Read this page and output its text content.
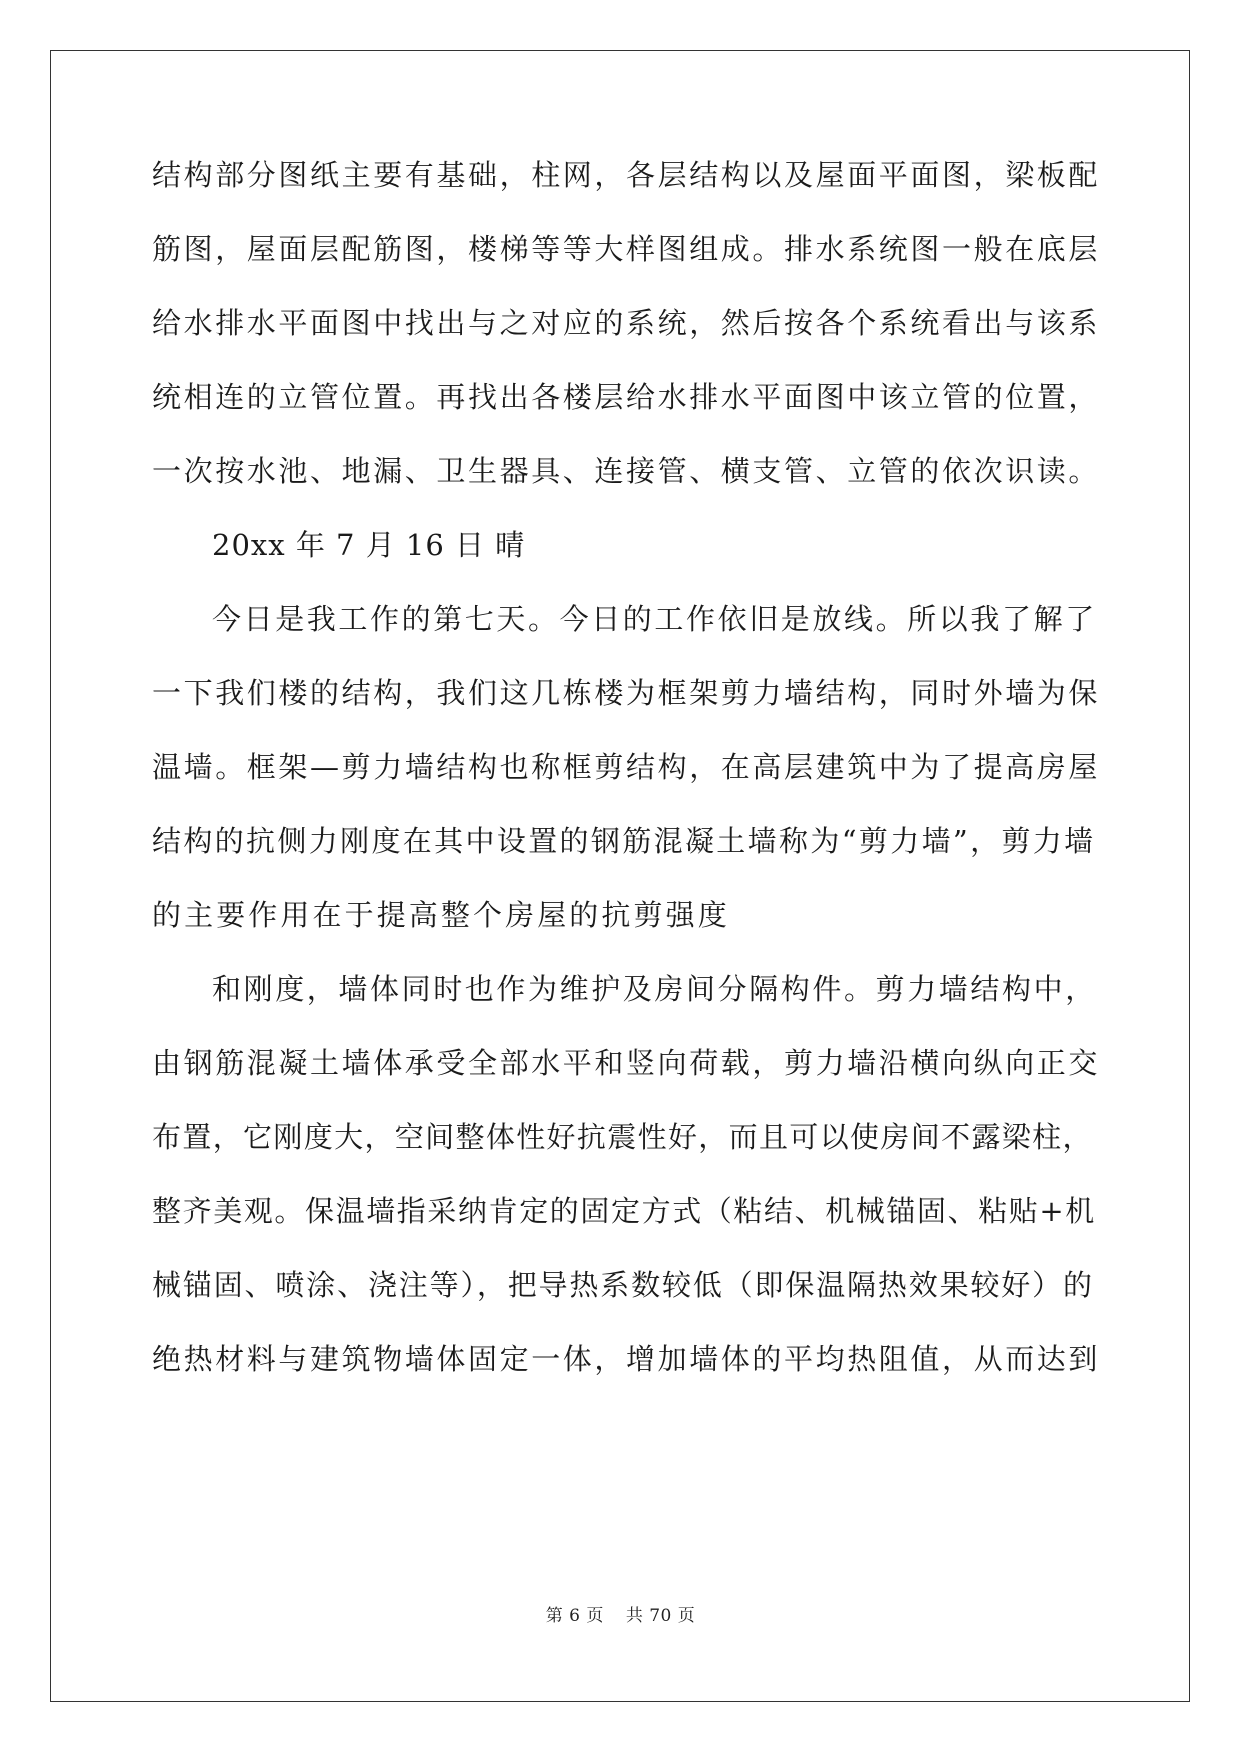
结构部分图纸主要有基础，柱网，各层结构以及屋面平面图，梁板配
筋图，屋面层配筋图，楼梯等等大样图组成。排水系统图一般在底层
给水排水平面图中找出与之对应的系统，然后按各个系统看出与该系
统相连的立管位置。再找出各楼层给水排水平面图中该立管的位置，
一次按水池、地漏、卫生器具、连接管、横支管、立管的依次识读。
20xx 年 7 月 16 日 晴
今日是我工作的第七天。今日的工作依旧是放线。所以我了解了
一下我们楼的结构，我们这几栋楼为框架剪力墙结构，同时外墙为保
温墙。框架—剪力墙结构也称框剪结构，在高层建筑中为了提高房屋
结构的抗侧力刚度在其中设置的钢筋混凝土墙称为“剪力墙”，剪力墙
的主要作用在于提高整个房屋的抗剪强度
和刚度，墙体同时也作为维护及房间分隔构件。剪力墙结构中，
由钢筋混凝土墙体承受全部水平和竖向荷载，剪力墙沿横向纵向正交
布置，它刚度大，空间整体性好抗震性好，而且可以使房间不露梁柱，
整齐美观。保温墙指采纳肯定的固定方式（粘结、机械锚固、粘贴+机
械锚固、喷涂、浇注等），把导热系数较低（即保温隔热效果较好）的
绝热材料与建筑物墙体固定一体，增加墙体的平均热阻值，从而达到
第 6 页 共 70 页
